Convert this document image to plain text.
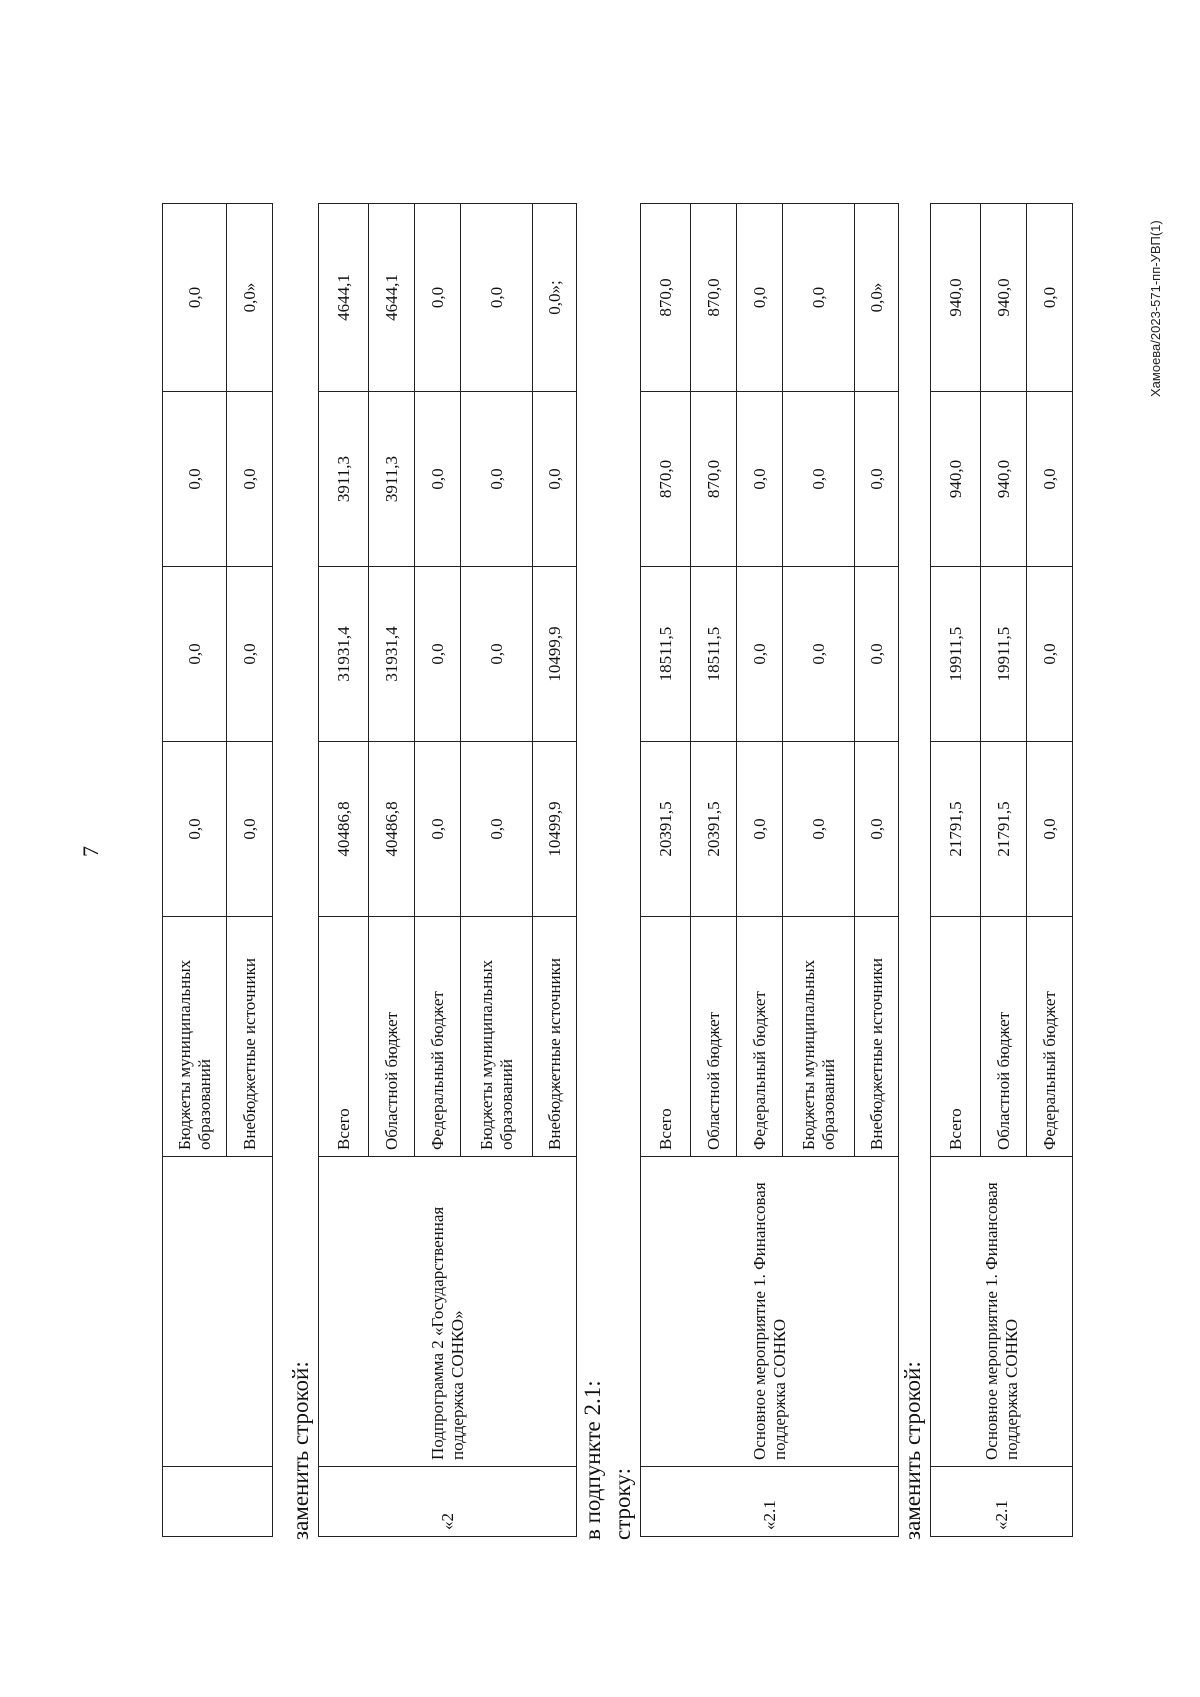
7
		Бюджеты муниципальных образований	0,0	0,0	0,0	0,0
		Внебюджетные источники	0,0	0,0	0,0	0,0»
заменить строкой:	«2	Подпрограмма 2 «Государственная поддержка СОНКО»	Всего	40486,8	31931,4	3911,3	4644,1
		Областной бюджет	40486,8	31931,4	3911,3	4644,1
		Федеральный бюджет	0,0	0,0	0,0	0,0
		Бюджеты муниципальных образований	0,0	0,0	0,0	0,0
		Внебюджетные источники	10499,9	10499,9	0,0	0,0»;
в подпункте 2.1: строку:	«2.1	Основное мероприятие 1. Финансовая поддержка СОНКО	Всего	20391,5	18511,5	870,0	870,0
		Областной бюджет	20391,5	18511,5	870,0	870,0
		Федеральный бюджет	0,0	0,0	0,0	0,0
		Бюджеты муниципальных образований	0,0	0,0	0,0	0,0
		Внебюджетные источники	0,0	0,0	0,0	0,0»
заменить строкой:	«2.1	Основное мероприятие 1. Финансовая поддержка СОНКО	Всего	21791,5	19911,5	940,0	940,0
		Областной бюджет	21791,5	19911,5	940,0	940,0
		Федеральный бюджет	0,0	0,0	0,0	0,0	Хамоева/2023-571-пп-УВП(1)
